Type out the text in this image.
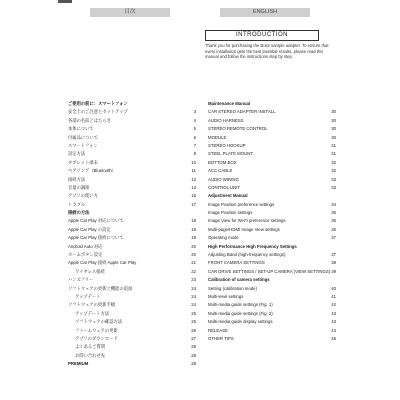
目次	ENGLISH
INTRODUCTION
Thank you for purchasing the Bose sample adapter. To ensure that every installation gets the best possible results, please read this manual and follow the instructions step by step.
ご使用の前に：スマートフォン
安全上のご注意とセットアップ	3
各部の名前とはたらき	4
本体について	5
付属品について	6
スマートフォン	7
設定方法	8
タブレット端末	10
ペアリング（Bluetooth）	11
接続方法	12
音量の調節	13
アプリの使い方	15
トラブル	17
接続の方法
Apple Car Play 対応について	18
Apple Car Play の設定	18
Apple Car Play 接続について	19
Android Auto 対応	20
ホームボタン設定	20
Apple Car Play 接続 Apple Car Play	21
ワイヤレス接続	22
ハンズフリー	23
ソフトウェアの更新と機能の追加	24
アップデート	24
ソフトウェアの更新手順	24
アップデート方法	25
ソフトウェアの確認方法	25
ファームウェアの更新	26
アプリのダウンロード	27
よくあるご質問	28
お問い合わせ先	29
PREMIUM	29
Maintenance Manual
CAR STEREO ADAPTER INSTALL	30
AUDIO HARNESS	30
STEREO REMOTE CONTROL	30
MODULE	30
STEREO HOOKUP	31
STEEL PLATE MOUNT	31
BOTTOM BOX	32
ACC CABLE	32
AUDIO WIRING	33
CONTROL UNIT	33
Adjustment Manual
Image Position preference settings	34
Image Position settings	35
Image View for Wi-Fi preference settings	35
Multi-page/HDMI Image View settings	36
Operating mode	37
High Performance High Frequency Settings
Adjusting Band (high-frequency settings)	37
FRONT CAMERA SETTINGS	38
CAR DRIVE SETTINGS / SET-UP CAMERA (VIEW SETTINGS) 39
Calibration of camera settings
Setting (calibration mode)	40
Multi-level settings	41
Multi-media guide settings (Fig. 1)	42
Multi-media guide settings (Fig. 2)	43
Multi-media guide display settings	43
RELEASE	44
OTHER TIPS	46
